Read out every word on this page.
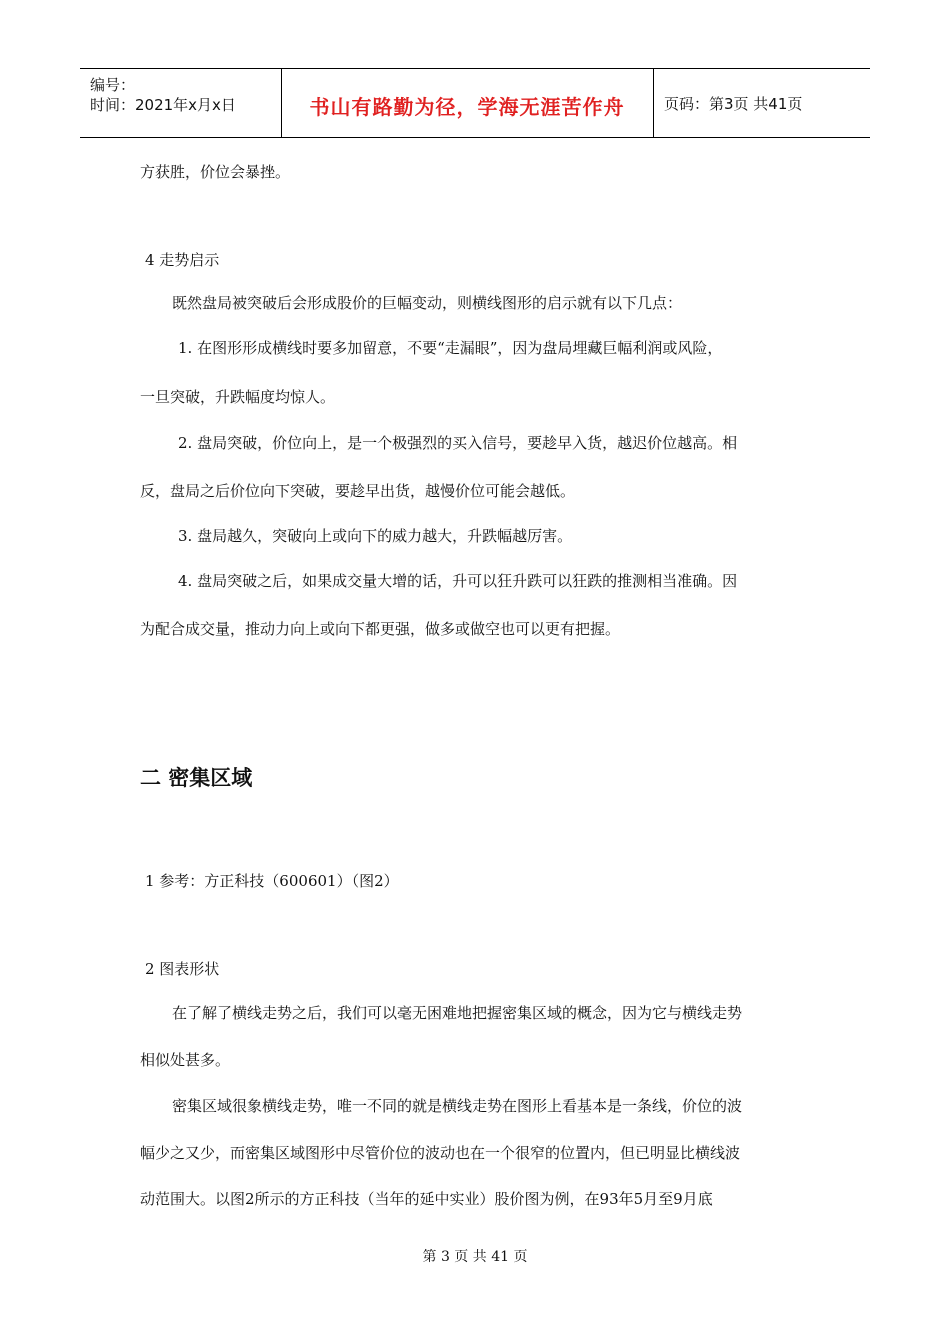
编号：
时间：2021年x月x日	书山有路勤为径，学海无涯苦作舟	页码：第3页 共41页
方获胜，价位会暴挫。
4 走势启示
既然盘局被突破后会形成股价的巨幅变动，则横线图形的启示就有以下几点：
1. 在图形形成横线时要多加留意，不要“走漏眼”，因为盘局埋藏巨幅利润或风险，
一旦突破，升跌幅度均惊人。
2. 盘局突破，价位向上，是一个极强烈的买入信号，要趁早入货，越迟价位越高。相
反，盘局之后价位向下突破，要趁早出货，越慢价位可能会越低。
3. 盘局越久，突破向上或向下的威力越大，升跌幅越厉害。
4. 盘局突破之后，如果成交量大增的话，升可以狂升跌可以狂跌的推测相当准确。因
为配合成交量，推动力向上或向下都更强，做多或做空也可以更有把握。
二 密集区域
1 参考：方正科技（600601）（图2）
2 图表形状
在了解了横线走势之后，我们可以毫无困难地把握密集区域的概念，因为它与横线走势
相似处甚多。
密集区域很象横线走势，唯一不同的就是横线走势在图形上看基本是一条线，价位的波
幅少之又少，而密集区域图形中尽管价位的波动也在一个很窄的位置内，但已明显比横线波
动范围大。以图2所示的方正科技（当年的延中实业）股价图为例，在93年5月至9月底
第 3 页 共 41 页
